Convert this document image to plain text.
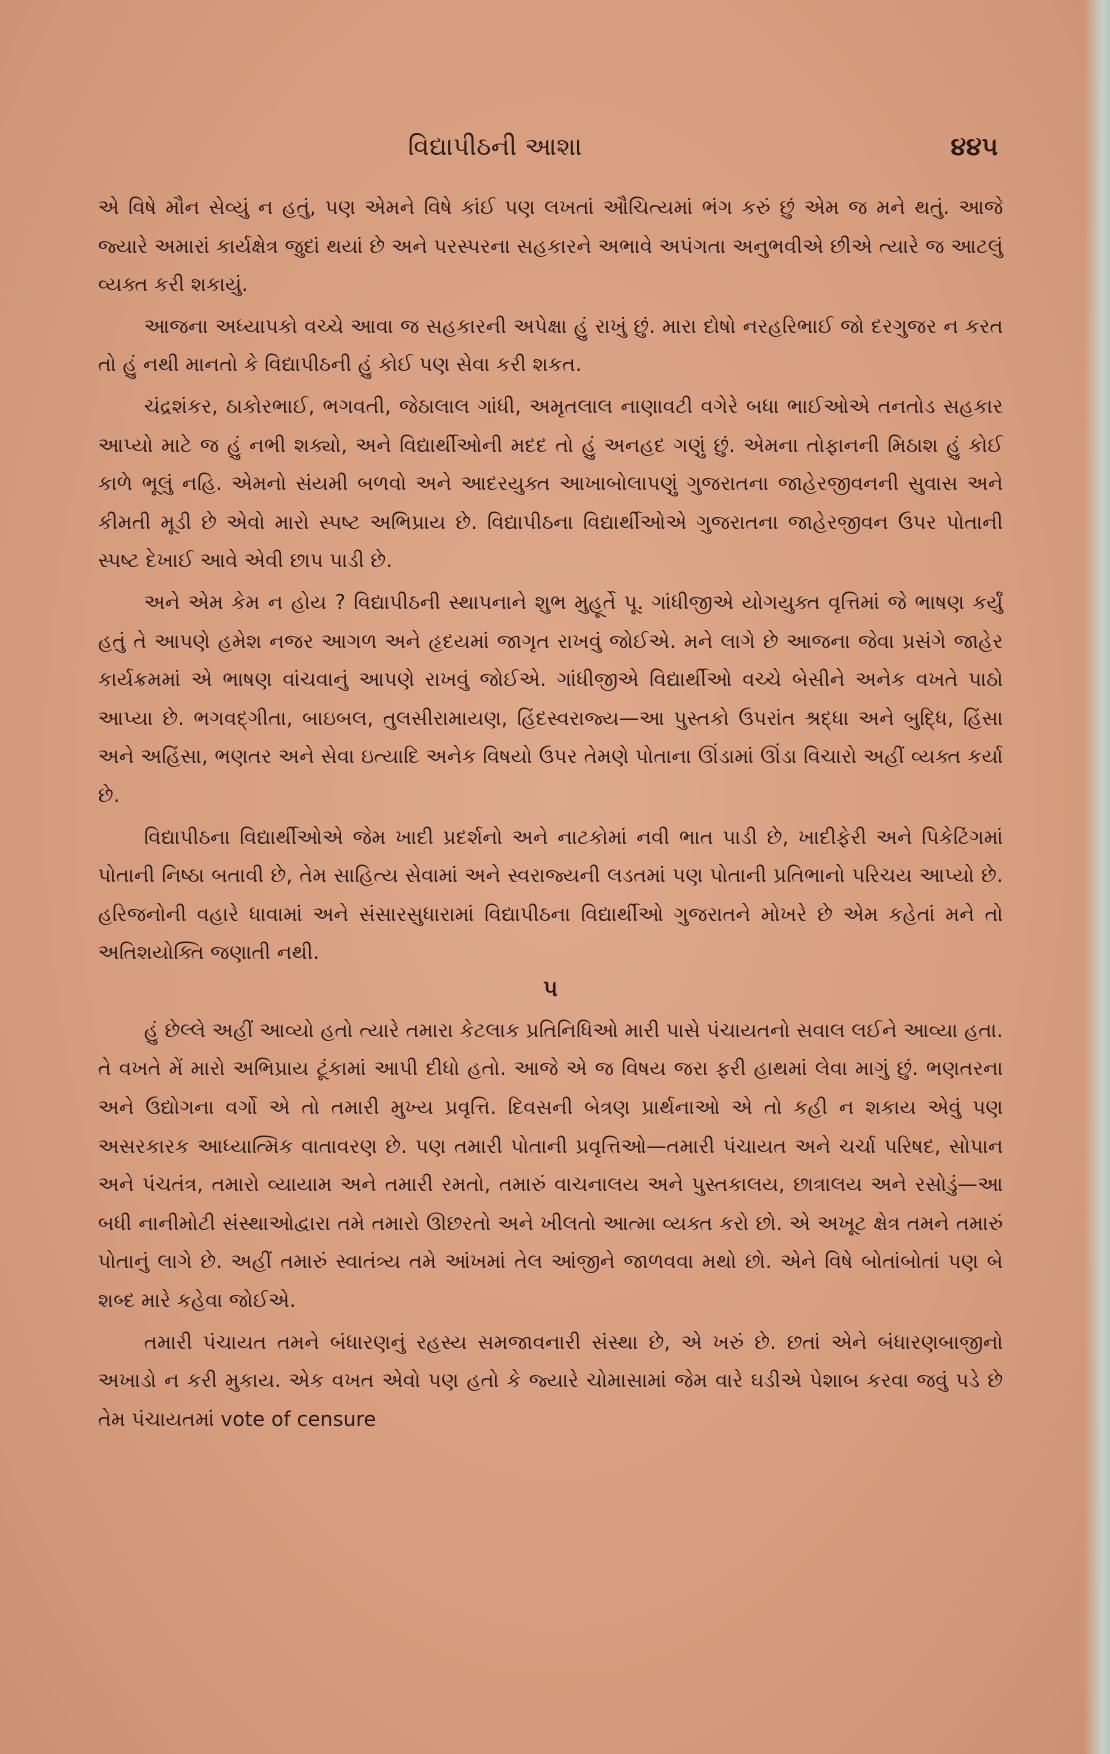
વિદ્યાપીઠની આશા	૪૪૫

એ વિષે મૌન સેવ્યું ન હતું, પણ એમને વિષે કાંઈ પણ લખતાં ઔચિત્યમાં ભંગ કરું છું એમ જ મને થતું. આજે જ્યારે અમારાં કાર્યક્ષેત્ર જુદાં થયાં છે અને પરસ્પરના સહકારને અભાવે અપંગતા અનુભવીએ છીએ ત્યારે જ આટલું વ્યક્ત કરી શકાયું.

આજના અધ્યાપકો વચ્ચે આવા જ સહકારની અપેક્ષા હું રાખું છું. મારા દોષો નરહરિભાઈ જો દરગુજર ન કરત તો હું નથી માનતો કે વિદ્યાપીઠની હું કોઈ પણ સેવા કરી શકત.

ચંદ્રશંકર, ઠાકોરભાઈ, ભગવતી, જેઠાલાલ ગાંધી, અમૃતલાલ નાણાવટી વગેરે બધા ભાઈઓએ તનતોડ સહકાર આપ્યો માટે જ હું નભી શક્યો, અને વિદ્યાર્થીઓની મદદ તો હું અનહદ ગણું છું. એમના તોફાનની મિઠાશ હું કોઈ કાળે ભૂલું નહિ. એમનો સંયમી બળવો અને આદરયુક્ત આખાબોલાપણું ગુજરાતના જાહેરજીવનની સુવાસ અને કીમતી મૂડી છે એવો મારો સ્પષ્ટ અભિપ્રાય છે. વિદ્યાપીઠના વિદ્યાર્થીઓએ ગુજરાતના જાહેરજીવન ઉપર પોતાની સ્પષ્ટ દેખાઈ આવે એવી છાપ પાડી છે.

અને એમ કેમ ન હોય ? વિદ્યાપીઠની સ્થાપનાને શુભ મુહૂર્તે પૂ. ગાંધીજીએ યોગયુક્ત વૃત્તિમાં જે ભાષણ કર્યું હતું તે આપણે હમેશ નજર આગળ અને હૃદયમાં જાગૃત રાખવું જોઈએ. મને લાગે છે આજના જેવા પ્રસંગે જાહેર કાર્યક્રમમાં એ ભાષણ વાંચવાનું આપણે રાખવું જોઈએ. ગાંધીજીએ વિદ્યાર્થીઓ વચ્ચે બેસીને અનેક વખતે પાઠો આપ્યા છે. ભગવદ્ગીતા, બાઇબલ, તુલસીરામાયણ, હિંદસ્વરાજ્ય—આ પુસ્તકો ઉપરાંત શ્રદ્ધા અને બુદ્ધિ, હિંસા અને અહિંસા, ભણતર અને સેવા ઇત્યાદિ અનેક વિષયો ઉપર તેમણે પોતાના ઊંડામાં ઊંડા વિચારો અહીં વ્યક્ત કર્યા છે.

વિદ્યાપીઠના વિદ્યાર્થીઓએ જેમ ખાદી પ્રદર્શનો અને નાટકોમાં નવી ભાત પાડી છે, ખાદીફેરી અને પિકેટિંગમાં પોતાની નિષ્ઠા બતાવી છે, તેમ સાહિત્ય સેવામાં અને સ્વરાજ્યની લડતમાં પણ પોતાની પ્રતિભાનો પરિચય આપ્યો છે. હરિજનોની વહારે ધાવામાં અને સંસારસુધારામાં વિદ્યાપીઠના વિદ્યાર્થીઓ ગુજરાતને મોખરે છે એમ કહેતાં મને તો અતિશયોક્તિ જણાતી નથી.

૫

હું છેલ્લે અહીં આવ્યો હતો ત્યારે તમારા કેટલાક પ્રતિનિધિઓ મારી પાસે પંચાયતનો સવાલ લઈને આવ્યા હતા. તે વખતે મેં મારો અભિપ્રાય ટૂંકામાં આપી દીધો હતો. આજે એ જ વિષય જરા ફરી હાથમાં લેવા માગું છું. ભણતરના અને ઉદ્યોગના વર્ગો એ તો તમારી મુખ્ય પ્રવૃત્તિ. દિવસની બેત્રણ પ્રાર્થનાઓ એ તો કહી ન શકાય એવું પણ અસરકારક આધ્યાત્મિક વાતાવરણ છે. પણ તમારી પોતાની પ્રવૃત્તિઓ—તમારી પંચાયત અને ચર્ચા પરિષદ, સોપાન અને પંચતંત્ર, તમારો વ્યાયામ અને તમારી રમતો, તમારું વાચનાલય અને પુસ્તકાલય, છાત્રાલય અને રસોડું—આ બધી નાનીમોટી સંસ્થાઓદ્વારા તમે તમારો ઊછરતો અને ખીલતો આત્મા વ્યક્ત કરો છો. એ અખૂટ ક્ષેત્ર તમને તમારું પોતાનું લાગે છે. અહીં તમારું સ્વાતંત્ર્ય તમે આંખમાં તેલ આંજીને જાળવવા મથો છો. એને વિષે બોતાંબોતાં પણ બે શબ્દ મારે કહેવા જોઈએ.

તમારી પંચાયત તમને બંધારણનું રહસ્ય સમજાવનારી સંસ્થા છે, એ ખરું છે. છતાં એને બંધારણબાજીનો અખાડો ન કરી મુકાય. એક વખત એવો પણ હતો કે જ્યારે ચોમાસામાં જેમ વારે ઘડીએ પેશાબ કરવા જવું પડે છે તેમ પંચાયતમાં vote of censure
